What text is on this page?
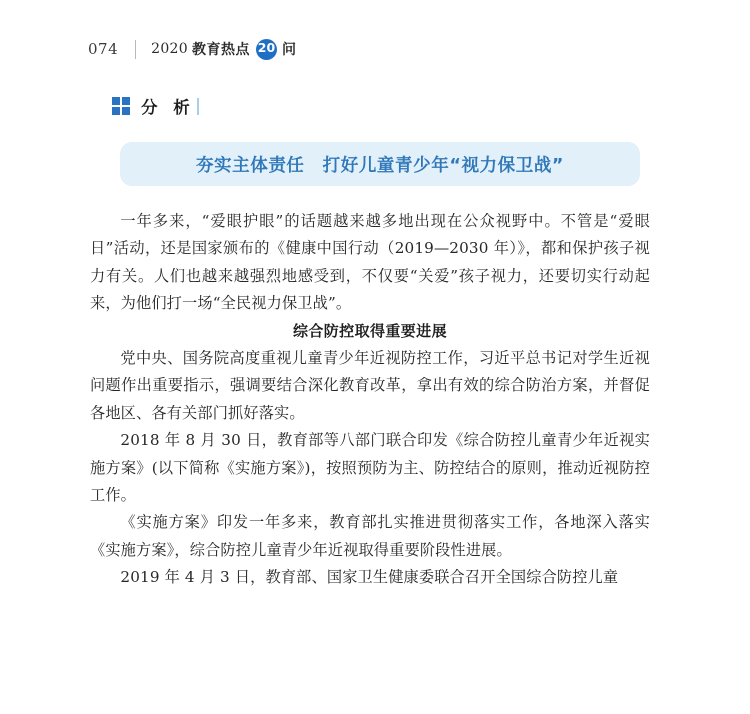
074 2020 教育热点 20 问
分 析
夯实主体责任　打好儿童青少年“视力保卫战”

一年多来，“爱眼护眼”的话题越来越多地出现在公众视野中。不管是“爱眼日”活动，还是国家颁布的《健康中国行动（2019—2030 年）》，都和保护孩子视力有关。人们也越来越强烈地感受到，不仅要“关爱”孩子视力，还要切实行动起来，为他们打一场“全民视力保卫战”。

综合防控取得重要进展

党中央、国务院高度重视儿童青少年近视防控工作，习近平总书记对学生近视问题作出重要指示，强调要结合深化教育改革，拿出有效的综合防治方案，并督促各地区、各有关部门抓好落实。

2018 年 8 月 30 日，教育部等八部门联合印发《综合防控儿童青少年近视实施方案》(以下简称《实施方案》)，按照预防为主、防控结合的原则，推动近视防控工作。

《实施方案》印发一年多来，教育部扎实推进贯彻落实工作，各地深入落实《实施方案》，综合防控儿童青少年近视取得重要阶段性进展。

2019 年 4 月 3 日，教育部、国家卫生健康委联合召开全国综合防控儿童
